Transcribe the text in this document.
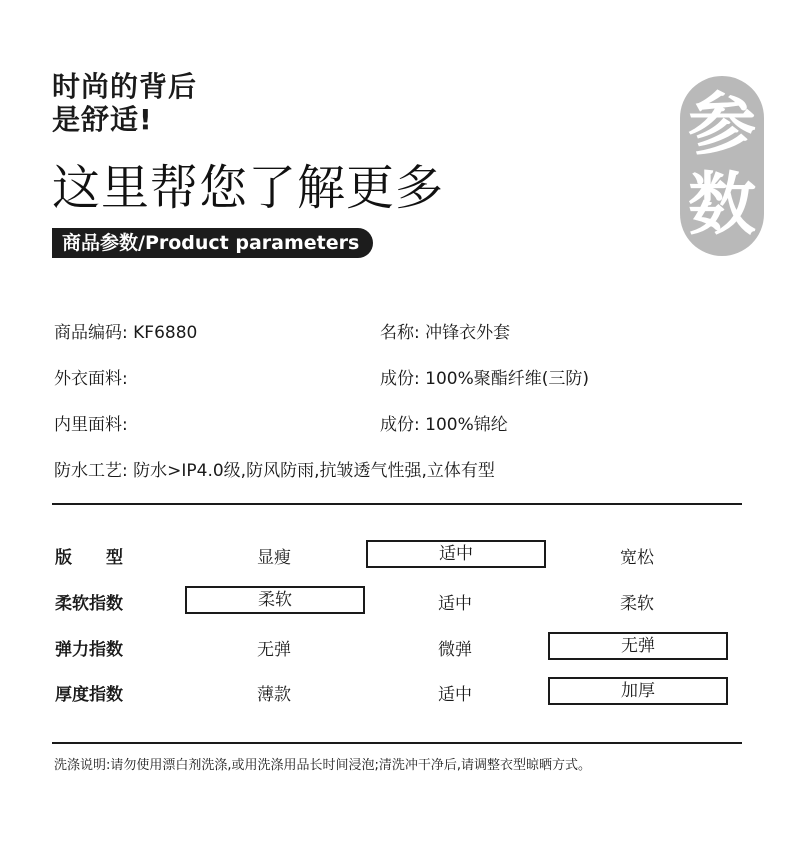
时尚的背后
是舒适!
这里帮您了解更多
商品参数/Product parameters
参
数
商品编码: KF6880	名称: 冲锋衣外套
外衣面料:	成份: 100%聚酯纤维(三防)
内里面料:	成份: 100%锦纶
防水工艺: 防水>IP4.0级,防风防雨,抗皱透气性强,立体有型
版　　型	显瘦	适中	宽松
柔软指数	柔软	适中	柔软
弹力指数	无弹	微弹	无弹
厚度指数	薄款	适中	加厚
洗涤说明:请勿使用漂白剂洗涤,或用洗涤用品长时间浸泡;清洗冲干净后,请调整衣型晾晒方式。
